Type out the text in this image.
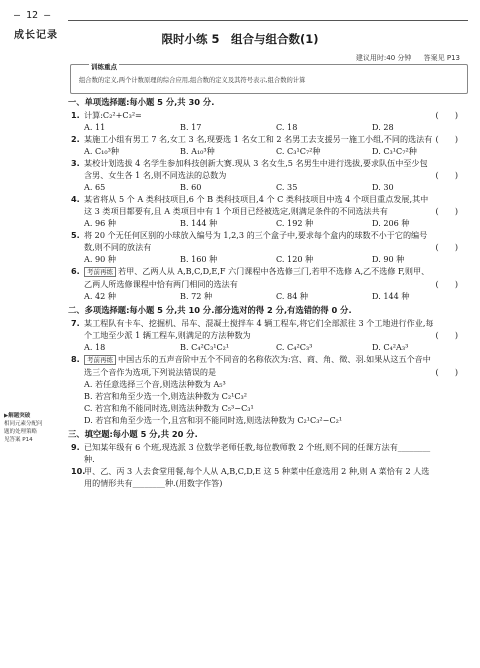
— 12 —
成长记录	限时小练 5　组合与组合数(1)
建议用时:40 分钟 答案见 P13
训练重点
组合数的定义,两个计数原理的综合应用,组合数的定义及其符号表示,组合数的计算
▶解题突破
相同元素分配问
题的处理策略
见答案 P14
一、单项选择题:每小题 5 分,共 30 分.
1. 计算:C₂²+C₃²=	(　　)
A. 11	B. 17	C. 18	D. 28
2. 某施工小组有男工 7 名,女工 3 名,现要选 1 名女工和 2 名男工去支援另一施工小组,不同的选法有 (　　)
A. C₁₀³种	B. A₁₀³种	C. C₃¹C₇²种	D. C₃¹C₇²种
3. 某校计划选拔 4 名学生参加科技创新大赛.现从 3 名女生,5 名男生中进行选拔,要求队伍中至少包含男、女生各 1 名,则不同选法的总数为	(　　)
A. 65	B. 60	C. 35	D. 30
4. 某省将从 5 个 A 类科技项目,6 个 B 类科技项目,4 个 C 类科技项目中选 4 个项目重点发展,其中这 3 类项目都要有,且 A 类项目中有 1 个项目已经被选定,则满足条件的不同选法共有	(　　)
A. 96 种	B. 144 种	C. 192 种	D. 206 种
5. 将 20 个无任何区别的小球放入编号为 1,2,3 的三个盒子中,要求每个盒内的球数不小于它的编号数,则不同的放法有	(　　)
A. 90 种	B. 160 种	C. 120 种	D. 90 种
6. 考前再练 若甲、乙两人从 A,B,C,D,E,F 六门课程中各选修三门,若甲不选修 A,乙不选修 F,则甲、乙两人所选修课程中恰有两门相同的选法有	(　　)
A. 42 种	B. 72 种	C. 84 种	D. 144 种
二、多项选择题:每小题 5 分,共 10 分.部分选对的得 2 分,有选错的得 0 分.
7. 某工程队有卡车、挖掘机、吊车、混凝土搅拌车 4 辆工程车,将它们全部派往 3 个工地进行作业,每个工地至少派 1 辆工程车,则满足的方法种数为	(　　)
A. 18	B. C₄²C₃¹C₂¹	C. C₄²C₃³	D. C₄²A₃³
8. 考前再练 中国古乐的五声音阶中五个不同音的名称依次为:宫、商、角、徵、羽.如果从这五个音中选三个音作为选项,下列说法错误的是	(　　)
A. 若任意选择三个音,则选法种数为 A₅³
B. 若宫和角至少选一个,则选法种数为 C₂¹C₃²
C. 若宫和角不能同时选,则选法种数为 C₅³−C₃¹
D. 若宫和角至少选一个,且宫和羽不能同时选,则选法种数为 C₂¹C₃²−C₂¹
三、填空题:每小题 5 分,共 20 分.
9. 已知某年级有 6 个班,现选派 3 位数学老师任教,每位教师教 2 个班,则不同的任课方法有________种.
10.
甲、乙、丙 3 人去食堂用餐,每个人从 A,B,C,D,E 这 5 种菜中任意选用 2 种,则 A 菜恰有 2 人选用的情形共有________种.(用数字作答)
